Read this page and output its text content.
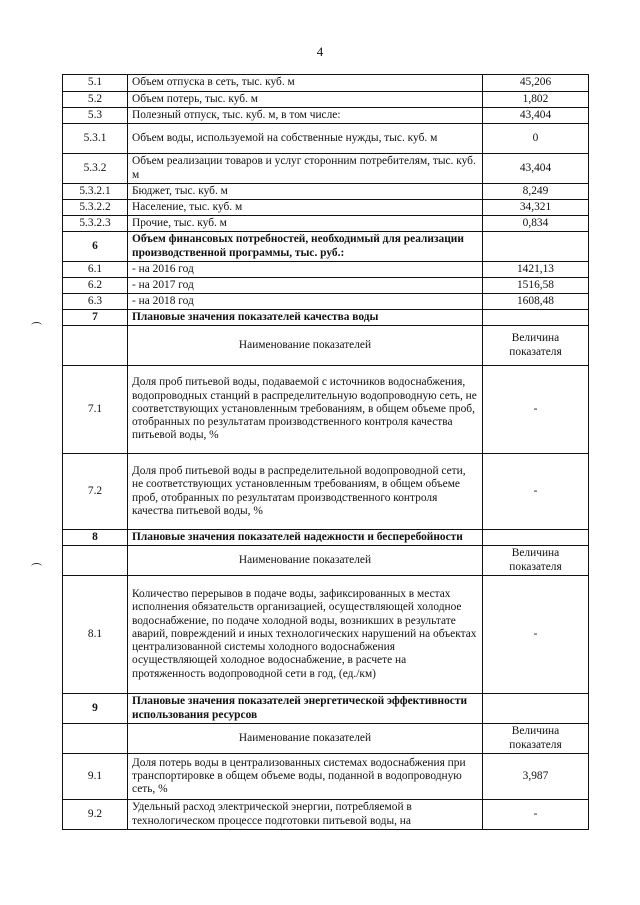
4
5.1	Объем отпуска в сеть, тыс. куб. м	45,206
5.2	Объем потерь, тыс. куб. м	1,802
5.3	Полезный отпуск, тыс. куб. м, в том числе:	43,404
5.3.1	Объем воды, используемой на собственные нужды, тыс. куб. м	0
5.3.2	Объем реализации товаров и услуг сторонним потребителям, тыс. куб. м	43,404
5.3.2.1	Бюджет, тыс. куб. м	8,249
5.3.2.2	Население, тыс. куб. м	34,321
5.3.2.3	Прочие, тыс. куб. м	0,834
6	Объем финансовых потребностей, необходимый для реализации производственной программы, тыс. руб.:	
6.1	- на 2016 год	1421,13
6.2	- на 2017 год	1516,58
6.3	- на 2018 год	1608,48
7	Плановые значения показателей качества воды	
	Наименование показателей	Величина показателя
7.1	Доля проб питьевой воды, подаваемой с источников водоснабжения, водопроводных станций в распределительную водопроводную сеть, не соответствующих установленным требованиям, в общем объеме проб, отобранных по результатам производственного контроля качества питьевой воды, %	-
7.2	Доля проб питьевой воды в распределительной водопроводной сети, не соответствующих установленным требованиям, в общем объеме проб, отобранных по результатам производственного контроля качества питьевой воды, %	-
8	Плановые значения показателей надежности и бесперебойности	
	Наименование показателей	Величина показателя
8.1	Количество перерывов в подаче воды, зафиксированных в местах исполнения обязательств организацией, осуществляющей холодное водоснабжение, по подаче холодной воды, возникших в результате аварий, повреждений и иных технологических нарушений на объектах централизованной системы холодного водоснабжения осуществляющей холодное водоснабжение, в расчете на протяженность водопроводной сети в год, (ед./км)	-
9	Плановые значения показателей энергетической эффективности использования ресурсов	
	Наименование показателей	Величина показателя
9.1	Доля потерь воды в централизованных системах водоснабжения при транспортировке в общем объеме воды, поданной в водопроводную сеть, %	3,987
9.2	Удельный расход электрической энергии, потребляемой в технологическом процессе подготовки питьевой воды, на	-
